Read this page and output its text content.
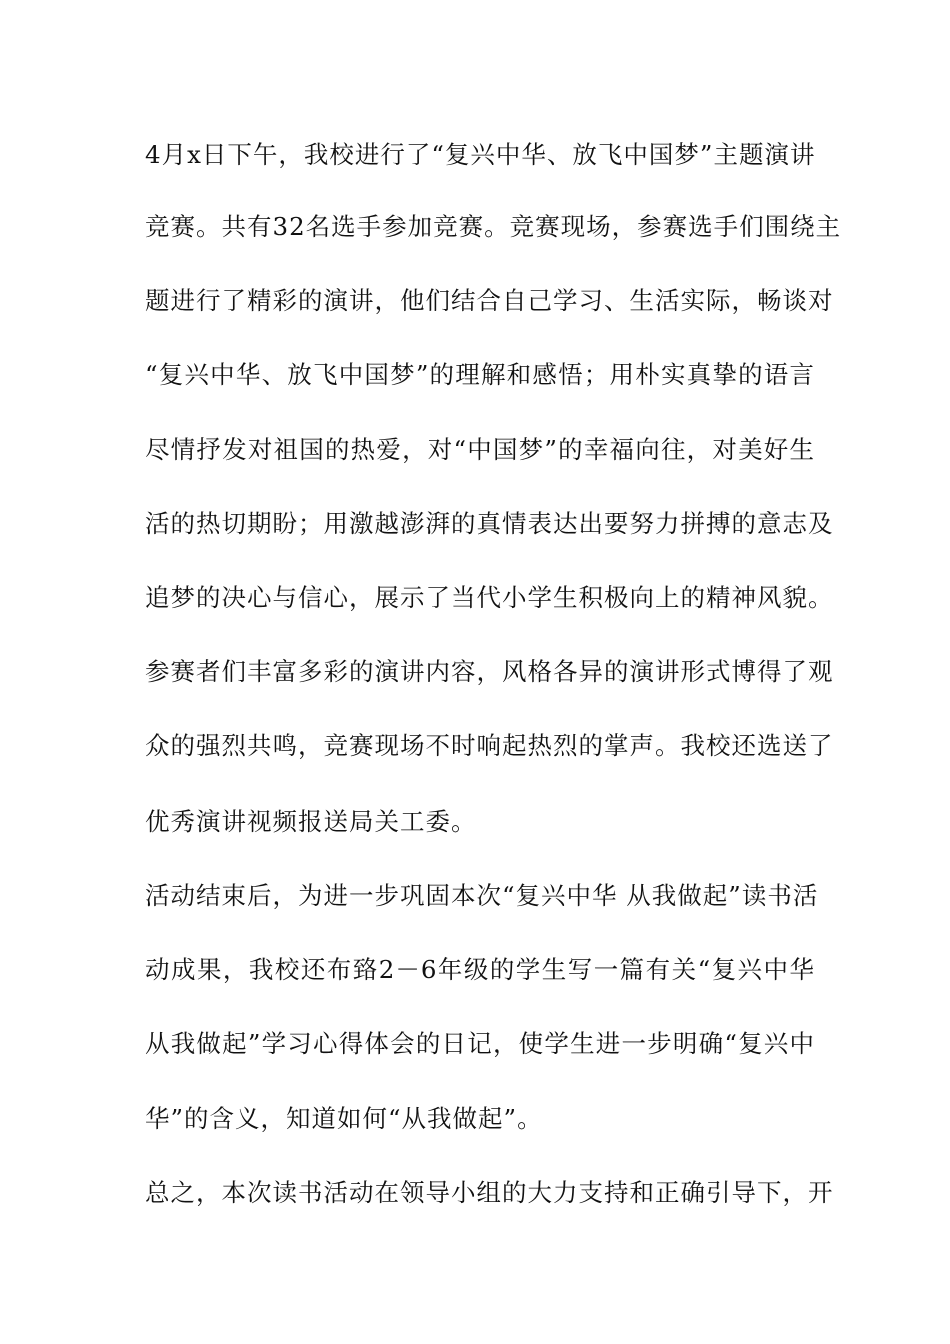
4月x日下午，我校进行了“复兴中华、放飞中国梦”主题演讲
竞赛。共有32名选手参加竞赛。竞赛现场，参赛选手们围绕主
题进行了精彩的演讲，他们结合自己学习、生活实际，畅谈对
“复兴中华、放飞中国梦”的理解和感悟；用朴实真挚的语言
尽情抒发对祖国的热爱，对“中国梦”的幸福向往，对美好生
活的热切期盼；用激越澎湃的真情表达出要努力拼搏的意志及
追梦的决心与信心，展示了当代小学生积极向上的精神风貌。
参赛者们丰富多彩的演讲内容，风格各异的演讲形式博得了观
众的强烈共鸣，竞赛现场不时响起热烈的掌声。我校还选送了
优秀演讲视频报送局关工委。
活动结束后，为进一步巩固本次“复兴中华 从我做起”读书活
动成果，我校还布臵2－6年级的学生写一篇有关“复兴中华
从我做起”学习心得体会的日记，使学生进一步明确“复兴中
华”的含义，知道如何“从我做起”。
总之，本次读书活动在领导小组的大力支持和正确引导下，开
